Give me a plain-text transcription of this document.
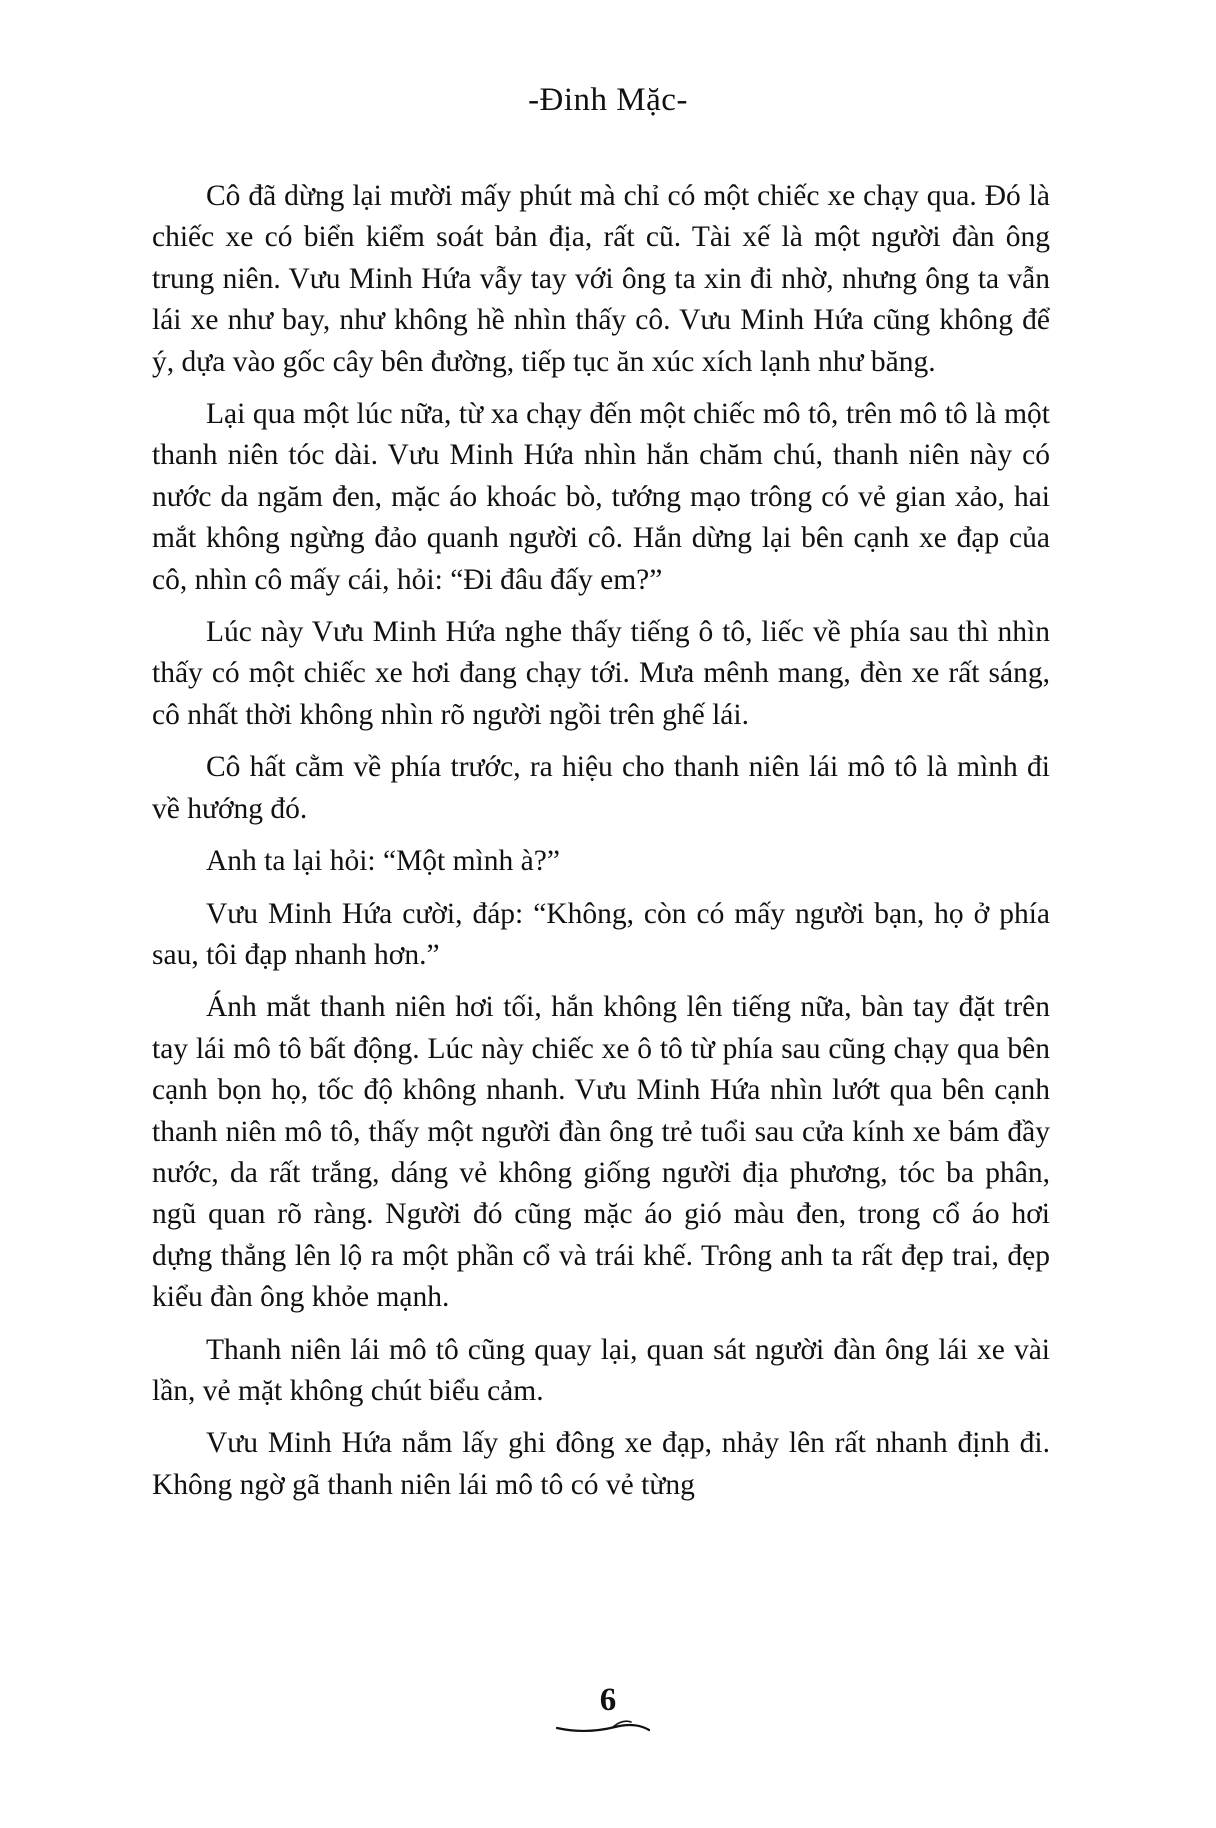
-Đinh Mặc-

Cô đã dừng lại mười mấy phút mà chỉ có một chiếc xe chạy qua. Đó là chiếc xe có biển kiểm soát bản địa, rất cũ. Tài xế là một người đàn ông trung niên. Vưu Minh Hứa vẫy tay với ông ta xin đi nhờ, nhưng ông ta vẫn lái xe như bay, như không hề nhìn thấy cô. Vưu Minh Hứa cũng không để ý, dựa vào gốc cây bên đường, tiếp tục ăn xúc xích lạnh như băng.

Lại qua một lúc nữa, từ xa chạy đến một chiếc mô tô, trên mô tô là một thanh niên tóc dài. Vưu Minh Hứa nhìn hắn chăm chú, thanh niên này có nước da ngăm đen, mặc áo khoác bò, tướng mạo trông có vẻ gian xảo, hai mắt không ngừng đảo quanh người cô. Hắn dừng lại bên cạnh xe đạp của cô, nhìn cô mấy cái, hỏi: “Đi đâu đấy em?”

Lúc này Vưu Minh Hứa nghe thấy tiếng ô tô, liếc về phía sau thì nhìn thấy có một chiếc xe hơi đang chạy tới. Mưa mênh mang, đèn xe rất sáng, cô nhất thời không nhìn rõ người ngồi trên ghế lái.

Cô hất cằm về phía trước, ra hiệu cho thanh niên lái mô tô là mình đi về hướng đó.

Anh ta lại hỏi: “Một mình à?”

Vưu Minh Hứa cười, đáp: “Không, còn có mấy người bạn, họ ở phía sau, tôi đạp nhanh hơn.”

Ánh mắt thanh niên hơi tối, hắn không lên tiếng nữa, bàn tay đặt trên tay lái mô tô bất động. Lúc này chiếc xe ô tô từ phía sau cũng chạy qua bên cạnh bọn họ, tốc độ không nhanh. Vưu Minh Hứa nhìn lướt qua bên cạnh thanh niên mô tô, thấy một người đàn ông trẻ tuổi sau cửa kính xe bám đầy nước, da rất trắng, dáng vẻ không giống người địa phương, tóc ba phân, ngũ quan rõ ràng. Người đó cũng mặc áo gió màu đen, trong cổ áo hơi dựng thẳng lên lộ ra một phần cổ và trái khế. Trông anh ta rất đẹp trai, đẹp kiểu đàn ông khỏe mạnh.

Thanh niên lái mô tô cũng quay lại, quan sát người đàn ông lái xe vài lần, vẻ mặt không chút biểu cảm.

Vưu Minh Hứa nắm lấy ghi đông xe đạp, nhảy lên rất nhanh định đi. Không ngờ gã thanh niên lái mô tô có vẻ từng

6
